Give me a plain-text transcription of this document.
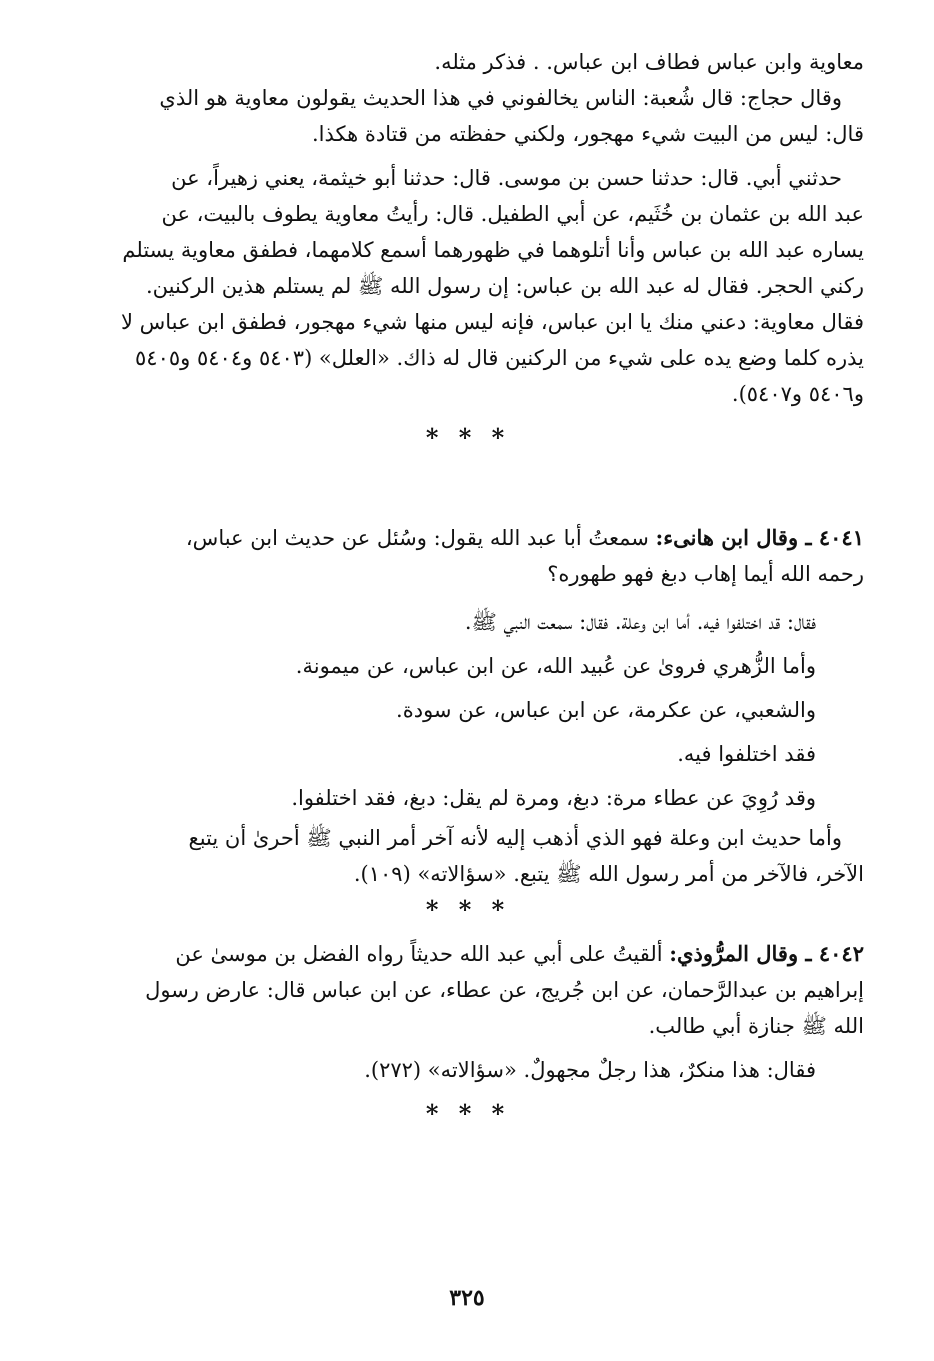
معاوية وابن عباس فطاف ابن عباس. . فذكر مثله.
وقال حجاج: قال شُعبة: الناس يخالفوني في هذا الحديث يقولون معاوية هو الذي
قال: ليس من البيت شيء مهجور، ولكني حفظته من قتادة هكذا.
حدثني أبي. قال: حدثنا حسن بن موسى. قال: حدثنا أبو خيثمة، يعني زهيراً، عن
عبد الله بن عثمان بن خُثَيم، عن أبي الطفيل. قال: رأيتُ معاوية يطوف بالبيت، عن
يساره عبد الله بن عباس وأنا أتلوهما في ظهورهما أسمع كلامهما، فطفق معاوية يستلم
ركني الحجر. فقال له عبد الله بن عباس: إن رسول الله ﷺ لم يستلم هذين الركنين.
فقال معاوية: دعني منك يا ابن عباس، فإنه ليس منها شيء مهجور، فطفق ابن عباس لا
يذره كلما وضع يده على شيء من الركنين قال له ذاك. «العلل» (٥٤٠٣ و٥٤٠٤ و٥٤٠٥
و٥٤٠٦ و٥٤٠٧).
* * *
٤٠٤١ ـ وقال ابن هانىء: سمعتُ أبا عبد الله يقول: وسُئل عن حديث ابن عباس،
رحمه الله أيما إهاب دبغ فهو طهوره؟
فقال: قد اختلفوا فيه. أما ابن وعلة. فقال: سمعت النبي ﷺ.
وأما الزُّهري فروىٰ عن عُبيد الله، عن ابن عباس، عن ميمونة.
والشعبي، عن عكرمة، عن ابن عباس، عن سودة.
فقد اختلفوا فيه.
وقد رُوِيَ عن عطاء مرة: دبغ، ومرة لم يقل: دبغ، فقد اختلفوا.
وأما حديث ابن وعلة فهو الذي أذهب إليه لأنه آخر أمر النبي ﷺ أحرىٰ أن يتبع
الآخر، فالآخر من أمر رسول الله ﷺ يتبع. «سؤالاته» (١٠٩).
* * *
٤٠٤٢ ـ وقال المرُّوذي: ألقيتُ على أبي عبد الله حديثاً رواه الفضل بن موسىٰ عن
إبراهيم بن عبدالرَّحمان، عن ابن جُريج، عن عطاء، عن ابن عباس قال: عارض رسول
الله ﷺ جنازة أبي طالب.
فقال: هذا منكرٌ، هذا رجلٌ مجهولٌ. «سؤالاته» (٢٧٢).
* * *
٣٢٥
